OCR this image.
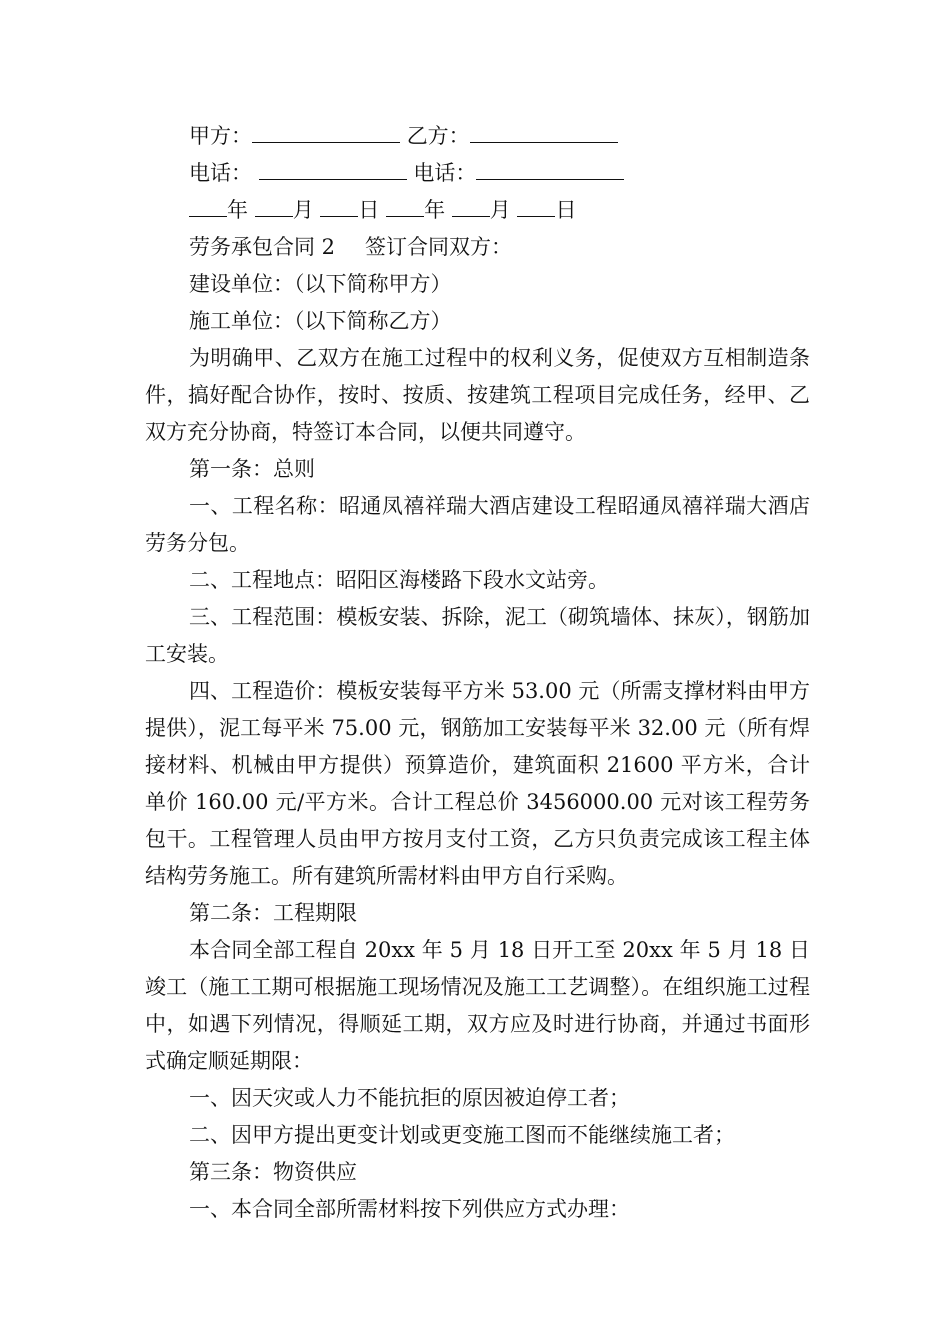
甲方：	乙方：

电话：	电话：

年 月 日 年 月 日

劳务承包合同 2 签订合同双方：

建设单位：（以下简称甲方）

施工单位：（以下简称乙方）

为明确甲、乙双方在施工过程中的权利义务，促使双方互相制造条件，搞好配合协作，按时、按质、按建筑工程项目完成任务，经甲、乙双方充分协商，特签订本合同，以便共同遵守。

第一条：总则

一、工程名称：昭通凤禧祥瑞大酒店建设工程昭通凤禧祥瑞大酒店劳务分包。

二、工程地点：昭阳区海楼路下段水文站旁。

三、工程范围：模板安装、拆除，泥工（砌筑墙体、抹灰），钢筋加工安装。

四、工程造价：模板安装每平方米 53.00 元（所需支撑材料由甲方提供），泥工每平米 75.00 元，钢筋加工安装每平米 32.00 元（所有焊接材料、机械由甲方提供）预算造价，建筑面积 21600 平方米，合计单价 160.00 元/平方米。合计工程总价 3456000.00 元对该工程劳务包干。工程管理人员由甲方按月支付工资，乙方只负责完成该工程主体结构劳务施工。所有建筑所需材料由甲方自行采购。

第二条：工程期限

本合同全部工程自 20xx 年 5 月 18 日开工至 20xx 年 5 月 18 日竣工（施工工期可根据施工现场情况及施工工艺调整）。在组织施工过程中，如遇下列情况，得顺延工期，双方应及时进行协商，并通过书面形式确定顺延期限：

一、因天灾或人力不能抗拒的原因被迫停工者；

二、因甲方提出更变计划或更变施工图而不能继续施工者；

第三条：物资供应

一、本合同全部所需材料按下列供应方式办理：
